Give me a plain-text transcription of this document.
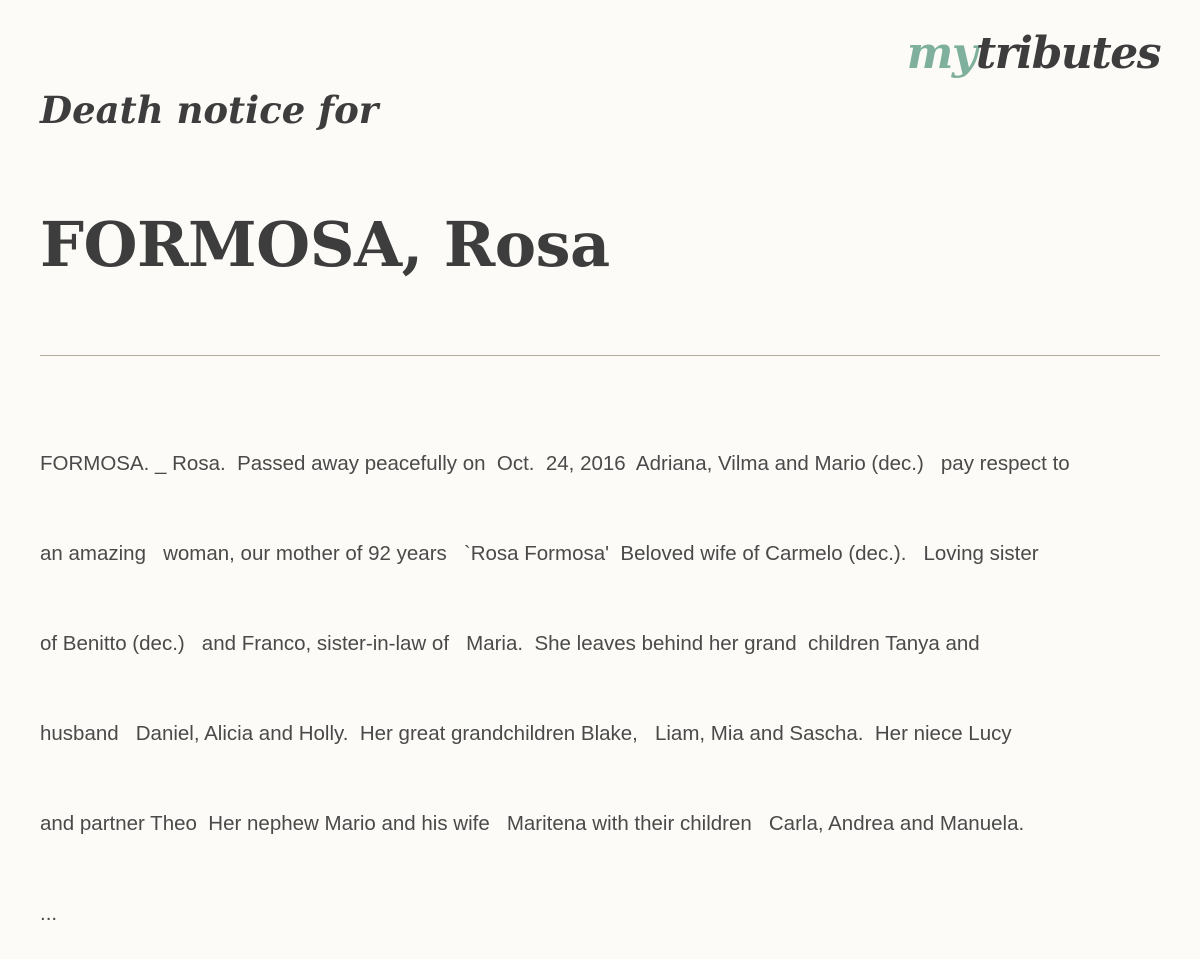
mytributes
Death notice for
FORMOSA, Rosa

FORMOSA. _ Rosa.  Passed away peacefully on  Oct.  24, 2016  Adriana, Vilma and Mario (dec.)   pay respect to

an amazing   woman, our mother of 92 years   `Rosa Formosa'  Beloved wife of Carmelo (dec.).   Loving sister

of Benitto (dec.)   and Franco, sister-in-law of   Maria.  She leaves behind her grand  children Tanya and

husband   Daniel, Alicia and Holly.  Her great grandchildren Blake,   Liam, Mia and Sascha.  Her niece Lucy

and partner Theo  Her nephew Mario and his wife   Maritena with their children   Carla, Andrea and Manuela.

...
